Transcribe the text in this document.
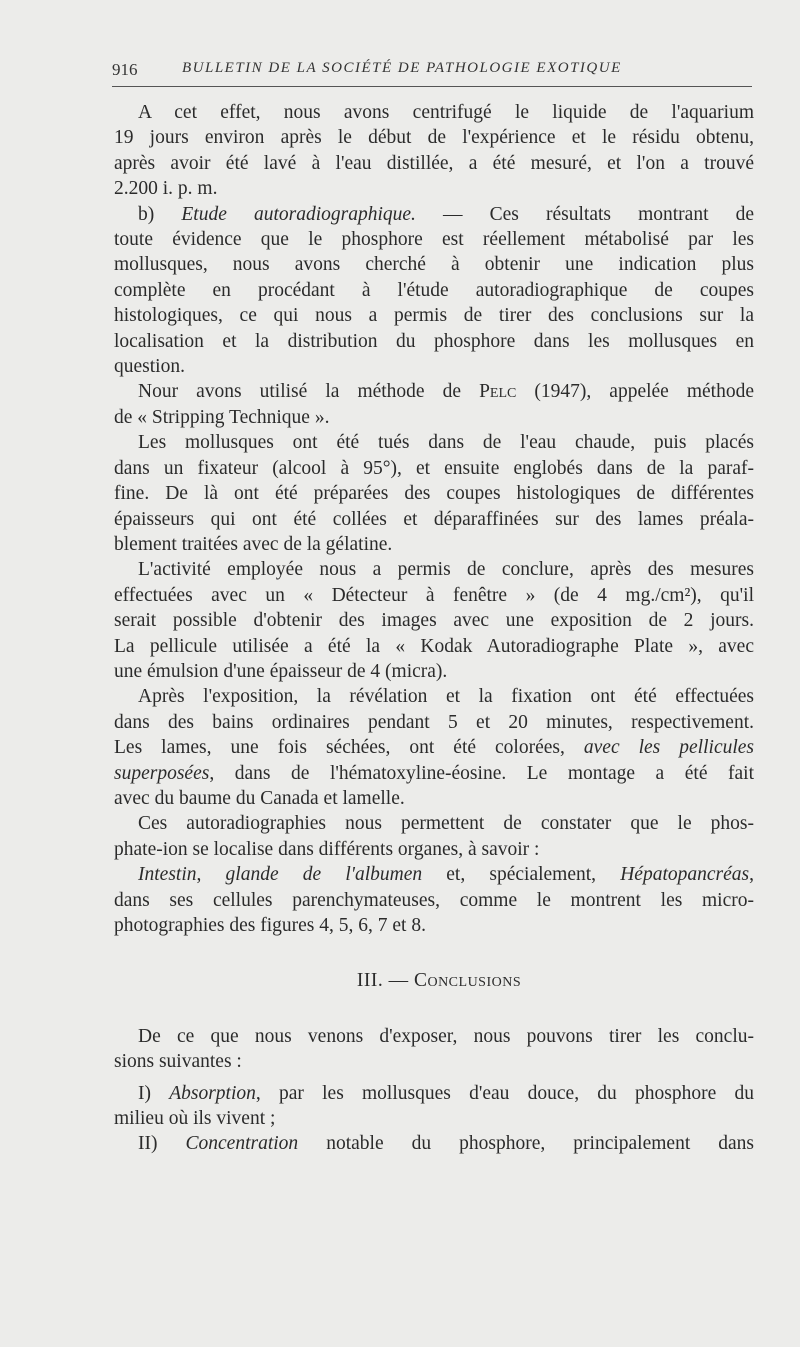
916	BULLETIN DE LA SOCIÉTÉ DE PATHOLOGIE EXOTIQUE
A cet effet, nous avons centrifugé le liquide de l'aquarium
19 jours environ après le début de l'expérience et le résidu obtenu,
après avoir été lavé à l'eau distillée, a été mesuré, et l'on a trouvé
2.200 i. p. m.
b) Etude autoradiographique. — Ces résultats montrant de
toute évidence que le phosphore est réellement métabolisé par les
mollusques, nous avons cherché à obtenir une indication plus
complète en procédant à l'étude autoradiographique de coupes
histologiques, ce qui nous a permis de tirer des conclusions sur la
localisation et la distribution du phosphore dans les mollusques en
question.
Nour avons utilisé la méthode de Pelc (1947), appelée méthode
de « Stripping Technique ».
Les mollusques ont été tués dans de l'eau chaude, puis placés
dans un fixateur (alcool à 95°), et ensuite englobés dans de la paraf-
fine. De là ont été préparées des coupes histologiques de différentes
épaisseurs qui ont été collées et déparaffinées sur des lames préala-
blement traitées avec de la gélatine.
L'activité employée nous a permis de conclure, après des mesures
effectuées avec un « Détecteur à fenêtre » (de 4 mg./cm²), qu'il
serait possible d'obtenir des images avec une exposition de 2 jours.
La pellicule utilisée a été la « Kodak Autoradiographe Plate », avec
une émulsion d'une épaisseur de 4 (micra).
Après l'exposition, la révélation et la fixation ont été effectuées
dans des bains ordinaires pendant 5 et 20 minutes, respectivement.
Les lames, une fois séchées, ont été colorées, avec les pellicules
superposées, dans de l'hématoxyline-éosine. Le montage a été fait
avec du baume du Canada et lamelle.
Ces autoradiographies nous permettent de constater que le phos-
phate-ion se localise dans différents organes, à savoir :
Intestin, glande de l'albumen et, spécialement, Hépatopancréas,
dans ses cellules parenchymateuses, comme le montrent les micro-
photographies des figures 4, 5, 6, 7 et 8.
III. — Conclusions
De ce que nous venons d'exposer, nous pouvons tirer les conclu-
sions suivantes :
I) Absorption, par les mollusques d'eau douce, du phosphore du
milieu où ils vivent ;
II) Concentration notable du phosphore, principalement dans
